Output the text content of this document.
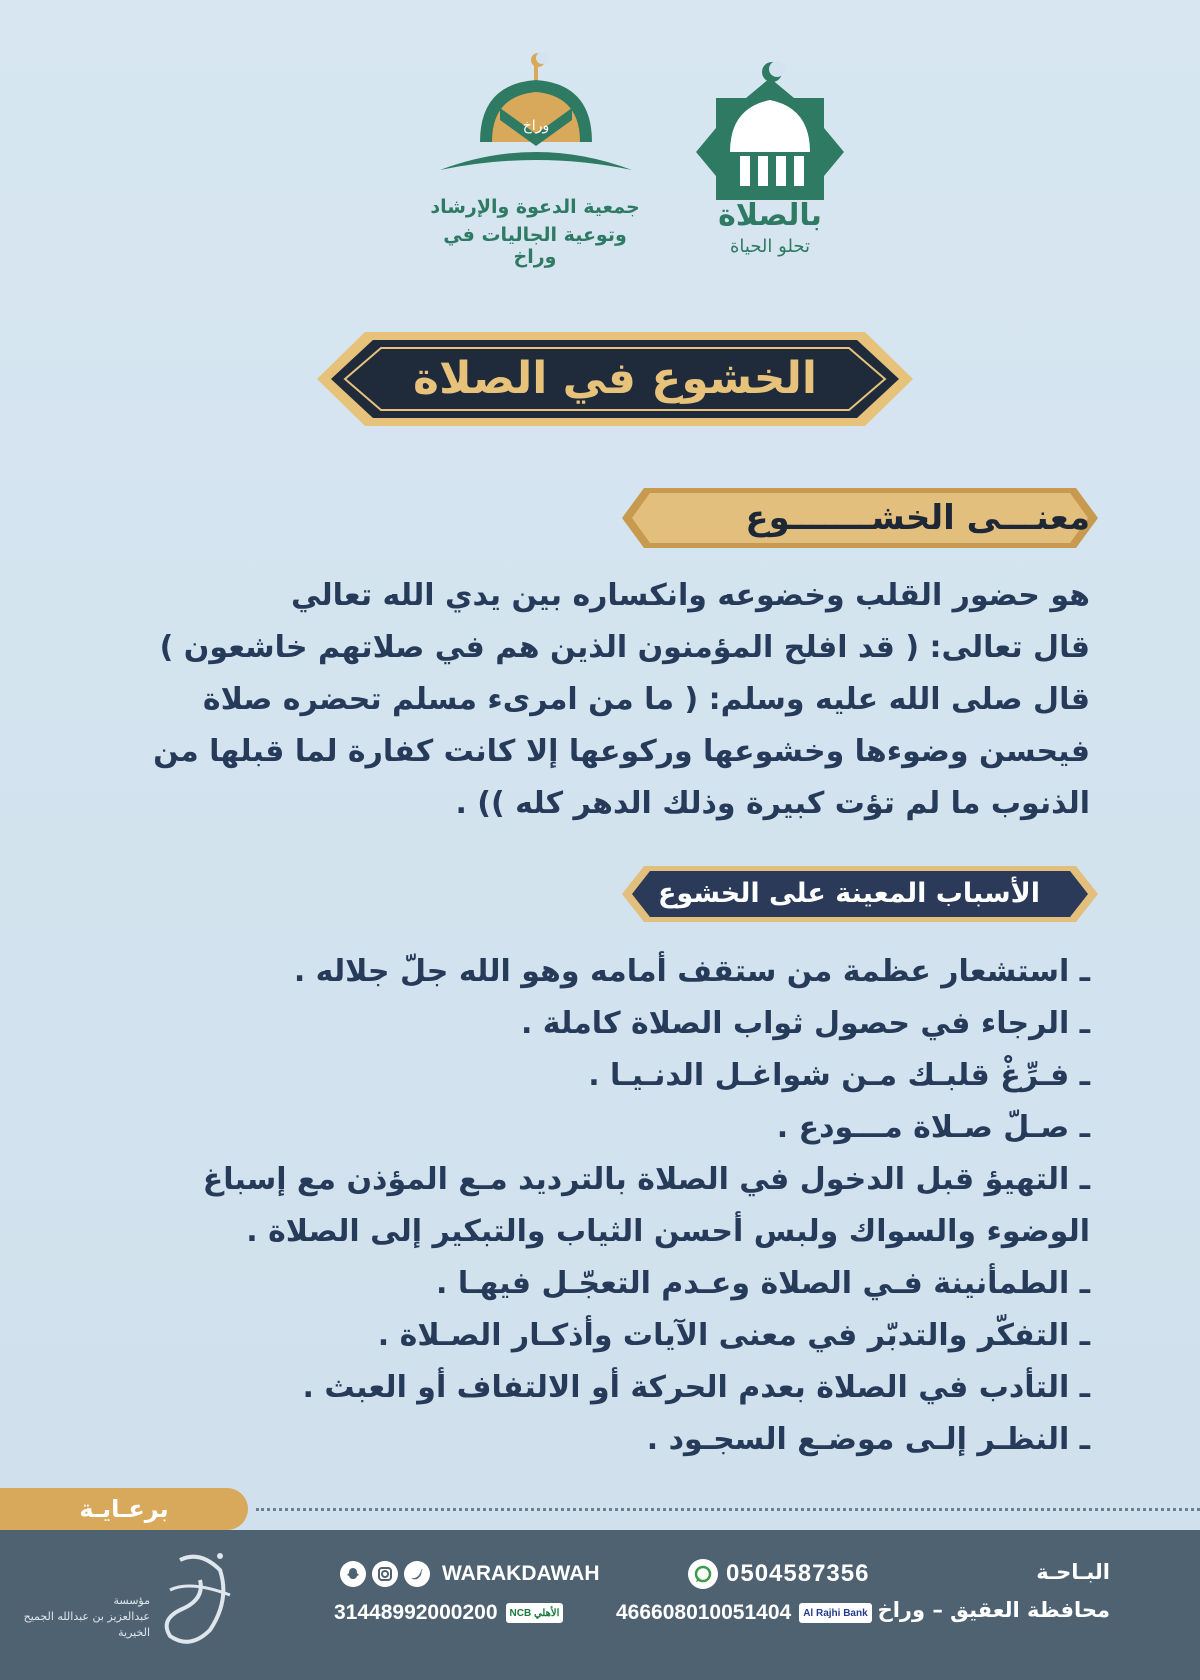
بالصلاة
تحلو الحياة
وراخ
جمعية الدعوة والإرشاد
وتوعية الجاليات في وراخ
الخشوع في الصلاة
معنـــى الخشـــــــوع

هو حضور القلب وخضوعه وانكساره بين يدي الله تعالي

قال تعالى: ( قد افلح المؤمنون الذين هم في صلاتهم خاشعون )

قال صلى الله عليه وسلم: ( ما من امرىء مسلم تحضره صلاة فيحسن وضوءها وخشوعها وركوعها إلا كانت كفارة لما قبلها من الذنوب ما لم تؤت كبيرة وذلك الدهر كله )) .

الأسباب المعينة على الخشوع
ـ استشعار عظمة من ستقف أمامه وهو الله جلّ جلاله .
ـ الرجاء في حصول ثواب الصلاة كاملة .
ـ فـرِّغْ قلبـك مـن شواغـل الدنـيـا .
ـ صـلّ صـلاة مـــودع .
ـ التهيؤ قبل الدخول في الصلاة بالترديد مـع المؤذن مع إسباغ الوضوء والسواك ولبس أحسن الثياب والتبكير إلى الصلاة .
ـ الطمأنينة فـي الصلاة وعـدم التعجّـل فيهـا .
ـ التفكّر والتدبّر في معنى الآيات وأذكـار الصـلاة .
ـ التأدب في الصلاة بعدم الحركة أو الالتفاف أو العبث .
ـ النظـر إلـى موضـع السجـود .
برعـايـة
مؤسسة
عبدالعزيز بن عبدالله الجميح
الخيرية
WARAKDAWAH	0504587356
31448992000200 NCB الأهلي	466608010051404 Al Rajhi Bank
البـاحـة
محافظة العقيق – وراخ
